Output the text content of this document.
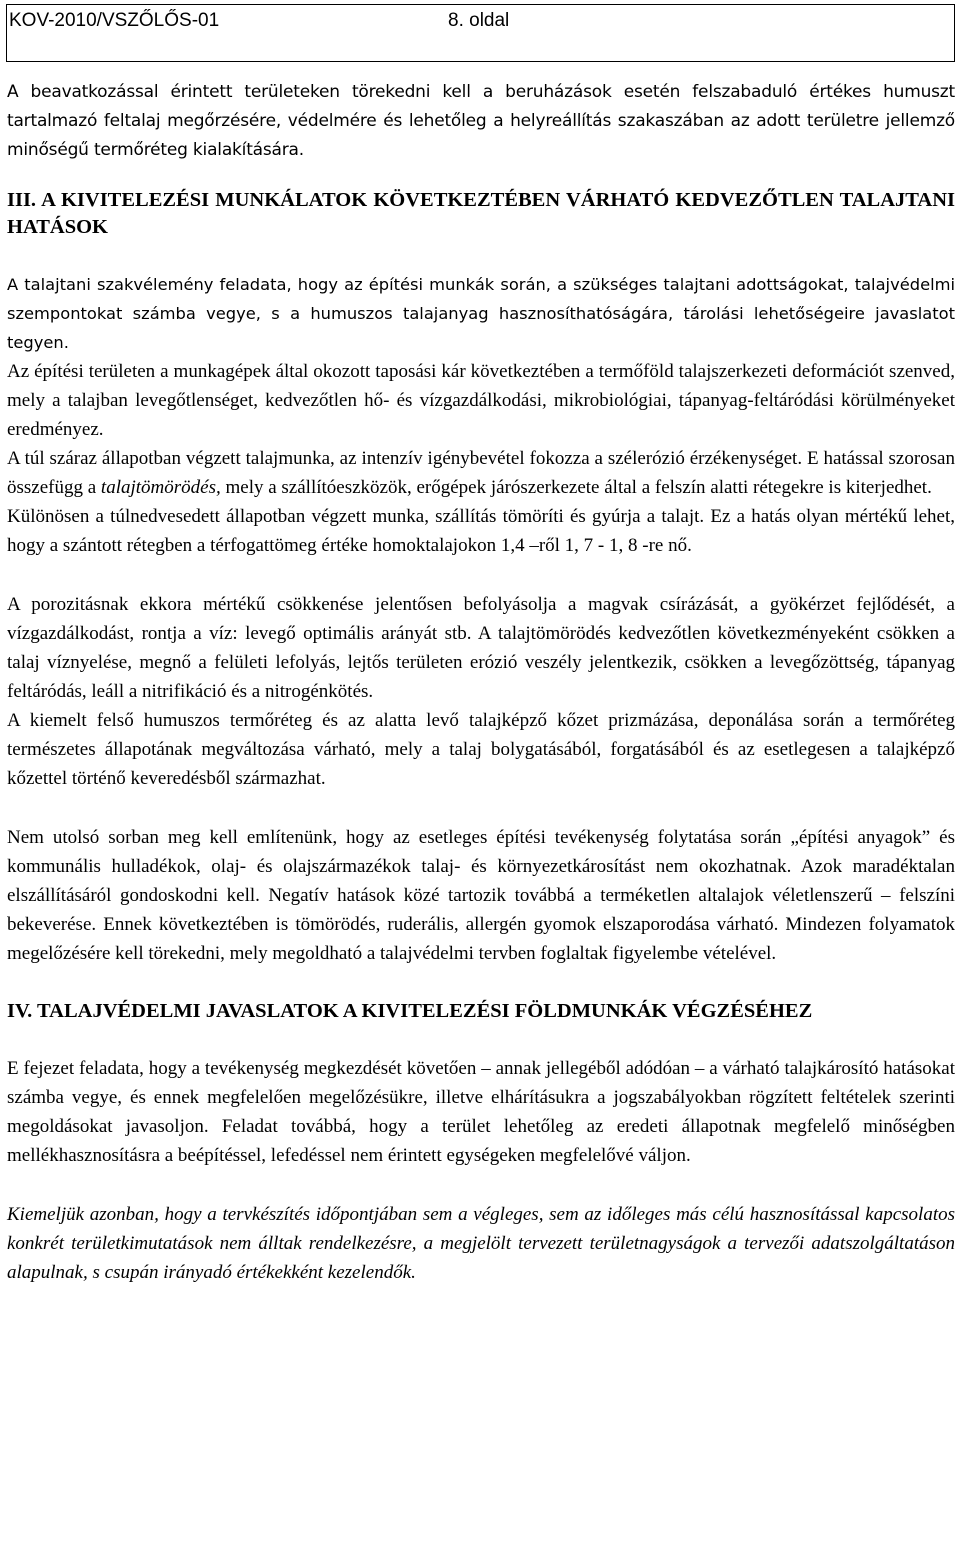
KOV-2010/VSZŐLŐS-01	8. oldal

A beavatkozással érintett területeken törekedni kell a beruházások esetén felszabaduló értékes humuszt tartalmazó feltalaj megőrzésére, védelmére és lehetőleg a helyreállítás szakaszában az adott területre jellemző minőségű termőréteg kialakítására.

III. A KIVITELEZÉSI MUNKÁLATOK KÖVETKEZTÉBEN VÁRHATÓ KEDVEZŐTLEN TALAJTANI HATÁSOK

A talajtani szakvélemény feladata, hogy az építési munkák során, a szükséges talajtani adottságokat, talajvédelmi szempontokat számba vegye, s a humuszos talajanyag hasznosíthatóságára, tárolási lehetőségeire javaslatot tegyen.

Az építési területen a munkagépek által okozott taposási kár következtében a termőföld talajszerkezeti deformációt szenved, mely a talajban levegőtlenséget, kedvezőtlen hő- és vízgazdálkodási, mikrobiológiai, tápanyag-feltáródási körülményeket eredményez.

A túl száraz állapotban végzett talajmunka, az intenzív igénybevétel fokozza a szélerózió érzékenységet. E hatással szorosan összefügg a talajtömörödés, mely a szállítóeszközök, erőgépek járószerkezete által a felszín alatti rétegekre is kiterjedhet.

Különösen a túlnedvesedett állapotban végzett munka, szállítás tömöríti és gyúrja a talajt. Ez a hatás olyan mértékű lehet, hogy a szántott rétegben a térfogattömeg értéke homoktalajokon 1,4 –ről 1, 7 - 1, 8 -re nő.

A porozitásnak ekkora mértékű csökkenése jelentősen befolyásolja a magvak csírázását, a gyökérzet fejlődését, a vízgazdálkodást, rontja a víz: levegő optimális arányát stb. A talajtömörödés kedvezőtlen következményeként csökken a talaj víznyelése, megnő a felületi lefolyás, lejtős területen erózió veszély jelentkezik, csökken a levegőzöttség, tápanyag feltáródás, leáll a nitrifikáció és a nitrogénkötés.

A kiemelt felső humuszos termőréteg és az alatta levő talajképző kőzet prizmázása, deponálása során a termőréteg természetes állapotának megváltozása várható, mely a talaj bolygatásából, forgatásából és az esetlegesen a talajképző kőzettel történő keveredésből származhat.

Nem utolsó sorban meg kell említenünk, hogy az esetleges építési tevékenység folytatása során „építési anyagok” és kommunális hulladékok, olaj- és olajszármazékok talaj- és környezetkárosítást nem okozhatnak. Azok maradéktalan elszállításáról gondoskodni kell. Negatív hatások közé tartozik továbbá a terméketlen altalajok véletlenszerű – felszíni bekeverése. Ennek következtében is tömörödés, ruderális, allergén gyomok elszaporodása várható. Mindezen folyamatok megelőzésére kell törekedni, mely megoldható a talajvédelmi tervben foglaltak figyelembe vételével.

IV. TALAJVÉDELMI JAVASLATOK A KIVITELEZÉSI FÖLDMUNKÁK VÉGZÉSÉHEZ

E fejezet feladata, hogy a tevékenység megkezdését követően – annak jellegéből adódóan – a várható talajkárosító hatásokat számba vegye, és ennek megfelelően megelőzésükre, illetve elhárításukra a jogszabályokban rögzített feltételek szerinti megoldásokat javasoljon. Feladat továbbá, hogy a terület lehetőleg az eredeti állapotnak megfelelő minőségben mellékhasznosításra a beépítéssel, lefedéssel nem érintett egységeken megfelelővé váljon.

Kiemeljük azonban, hogy a tervkészítés időpontjában sem a végleges, sem az időleges más célú hasznosítással kapcsolatos konkrét területkimutatások nem álltak rendelkezésre, a megjelölt tervezett területnagyságok a tervezői adatszolgáltatáson alapulnak, s csupán irányadó értékekként kezelendők.
